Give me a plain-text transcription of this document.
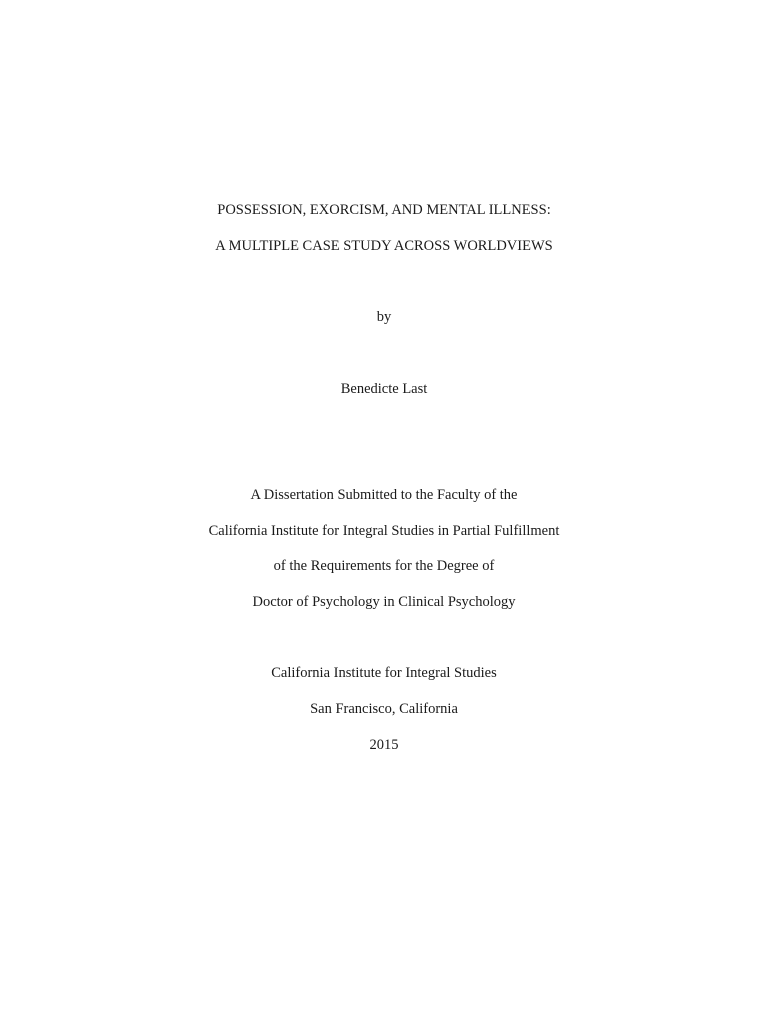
POSSESSION, EXORCISM, AND MENTAL ILLNESS:
A MULTIPLE CASE STUDY ACROSS WORLDVIEWS
by
Benedicte Last
A Dissertation Submitted to the Faculty of the
California Institute for Integral Studies in Partial Fulfillment
of the Requirements for the Degree of
Doctor of Psychology in Clinical Psychology
California Institute for Integral Studies
San Francisco, California
2015
